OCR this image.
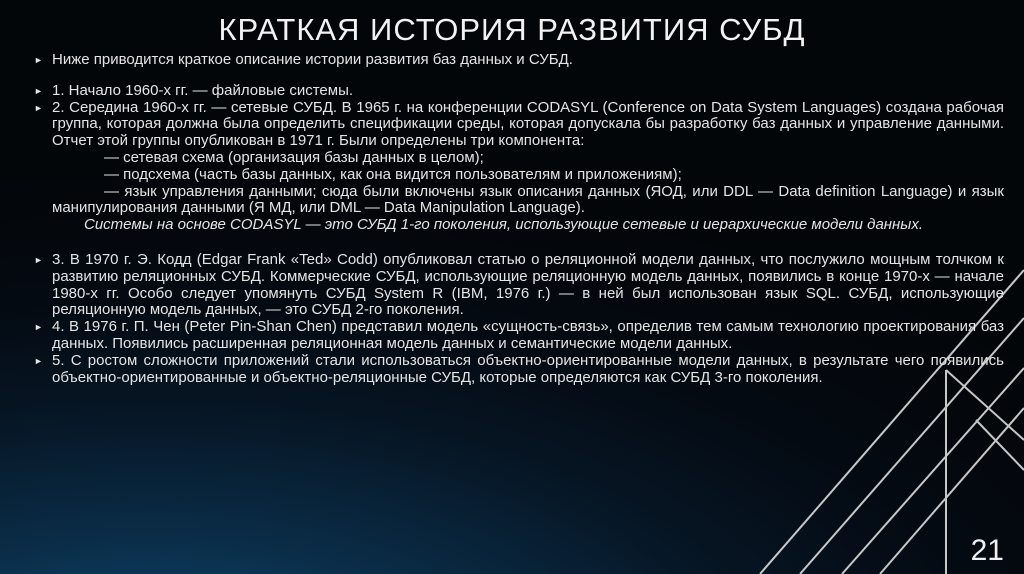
КРАТКАЯ ИСТОРИЯ РАЗВИТИЯ СУБД
► Ниже приводится краткое описание истории развития баз данных и СУБД.
► 1. Начало 1960-х гг. — файловые системы.
► 2. Середина 1960-х гг. — сетевые СУБД. В 1965 г. на конференции CODASYL (Conference on Data System Languages) создана рабочая группа, которая должна была определить спецификации среды, которая допускала бы разработку баз данных и управление данными. Отчет этой группы опубликован в 1971 г. Были определены три компонента:
— сетевая схема (организация базы данных в целом);
— подсхема (часть базы данных, как она видится пользователям и приложениям);
— язык управления данными; сюда были включены язык описания данных (ЯОД, или DDL — Data definition Language) и язык манипулирования данными (Я МД, или DML — Data Manipulation Language).
Системы на основе CODASYL — это СУБД 1-го поколения, использующие сетевые и иерархические модели данных.
► 3. В 1970 г. Э. Кодд (Edgar Frank «Ted» Codd) опубликовал статью о реляционной модели данных, что послужило мощным толчком к развитию реляционных СУБД. Коммерческие СУБД, использующие реляционную модель данных, появились в конце 1970-х — начале 1980-х гг. Особо следует упомянуть СУБД System R (IBM, 1976 г.) — в ней был использован язык SQL. СУБД, использующие реляционную модель данных, — это СУБД 2-го поколения.
► 4. В 1976 г. П. Чен (Peter Pin-Shan Chen) представил модель «сущность-связь», определив тем самым технологию проектирования баз данных. Появились расширенная реляционная модель данных и семантические модели данных.
► 5. С ростом сложности приложений стали использоваться объектно-ориентированные модели данных, в результате чего появились объектно-ориентированные и объектно-реляционные СУБД, которые определяются как СУБД 3-го поколения.
21
